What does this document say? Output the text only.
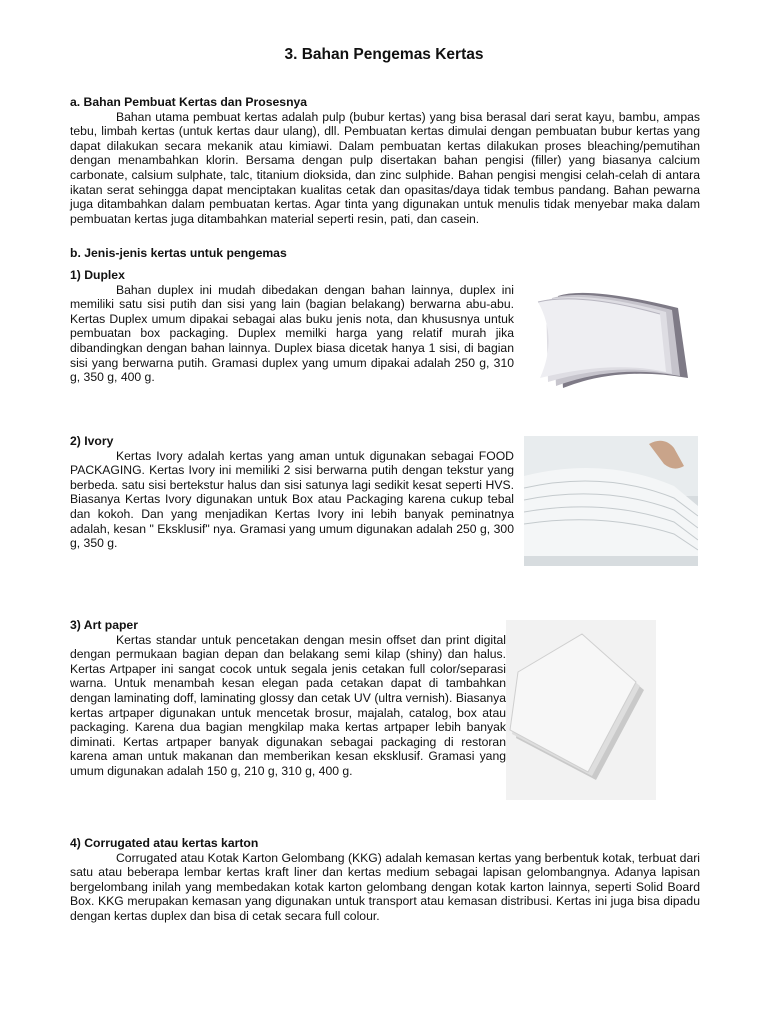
3. Bahan Pengemas Kertas
a. Bahan Pembuat Kertas dan Prosesnya

Bahan utama pembuat kertas adalah pulp (bubur kertas) yang bisa berasal dari serat kayu, bambu, ampas tebu, limbah kertas (untuk kertas daur ulang), dll. Pembuatan kertas dimulai dengan pembuatan bubur kertas yang dapat dilakukan secara mekanik atau kimiawi. Dalam pembuatan kertas dilakukan proses bleaching/pemutihan dengan menambahkan klorin. Bersama dengan pulp disertakan bahan pengisi (filler) yang biasanya calcium carbonate, calsium sulphate, talc, titanium dioksida, dan zinc sulphide. Bahan pengisi mengisi celah-celah di antara ikatan serat sehingga dapat menciptakan kualitas cetak dan opasitas/daya tidak tembus pandang. Bahan pewarna juga ditambahkan dalam pembuatan kertas. Agar tinta yang digunakan untuk menulis tidak menyebar maka dalam pembuatan kertas juga ditambahkan material seperti resin, pati, dan casein.

b. Jenis-jenis kertas untuk pengemas
1) Duplex

Bahan duplex ini mudah dibedakan dengan bahan lainnya, duplex ini memiliki satu sisi putih dan sisi yang lain (bagian belakang) berwarna abu-abu. Kertas Duplex umum dipakai sebagai alas buku jenis nota, dan khususnya untuk pembuatan box packaging. Duplex memilki harga yang relatif murah jika dibandingkan dengan bahan lainnya. Duplex biasa dicetak hanya 1 sisi, di bagian sisi yang berwarna putih. Gramasi duplex yang umum dipakai adalah 250 g, 310 g, 350 g, 400 g.

2) Ivory

Kertas Ivory adalah kertas yang aman untuk digunakan sebagai FOOD PACKAGING. Kertas Ivory ini memiliki 2 sisi berwarna putih dengan tekstur yang berbeda. satu sisi bertekstur halus dan sisi satunya lagi sedikit kesat seperti HVS. Biasanya Kertas Ivory digunakan untuk Box atau Packaging karena cukup tebal dan kokoh. Dan yang menjadikan Kertas Ivory ini lebih banyak peminatnya adalah, kesan " Eksklusif" nya. Gramasi yang umum digunakan adalah 250 g, 300 g, 350 g.

3) Art paper

Kertas standar untuk pencetakan dengan mesin offset dan print digital dengan permukaan bagian depan dan belakang semi kilap (shiny) dan halus. Kertas Artpaper ini sangat cocok untuk segala jenis cetakan full color/separasi warna. Untuk menambah kesan elegan pada cetakan dapat di tambahkan dengan laminating doff, laminating glossy dan cetak UV (ultra vernish). Biasanya kertas artpaper digunakan untuk mencetak brosur, majalah, catalog, box atau packaging. Karena dua bagian mengkilap maka kertas artpaper lebih banyak diminati. Kertas artpaper banyak digunakan sebagai packaging di restoran karena aman untuk makanan dan memberikan kesan eksklusif. Gramasi yang umum digunakan adalah 150 g, 210 g, 310 g, 400 g.

4) Corrugated atau kertas karton

Corrugated atau Kotak Karton Gelombang (KKG) adalah kemasan kertas yang berbentuk kotak, terbuat dari satu atau beberapa lembar kertas kraft liner dan kertas medium sebagai lapisan gelombangnya. Adanya lapisan bergelombang inilah yang membedakan kotak karton gelombang dengan kotak karton lainnya, seperti Solid Board Box. KKG merupakan kemasan yang digunakan untuk transport atau kemasan distribusi. Kertas ini juga bisa dipadu dengan kertas duplex dan bisa di cetak secara full colour.
